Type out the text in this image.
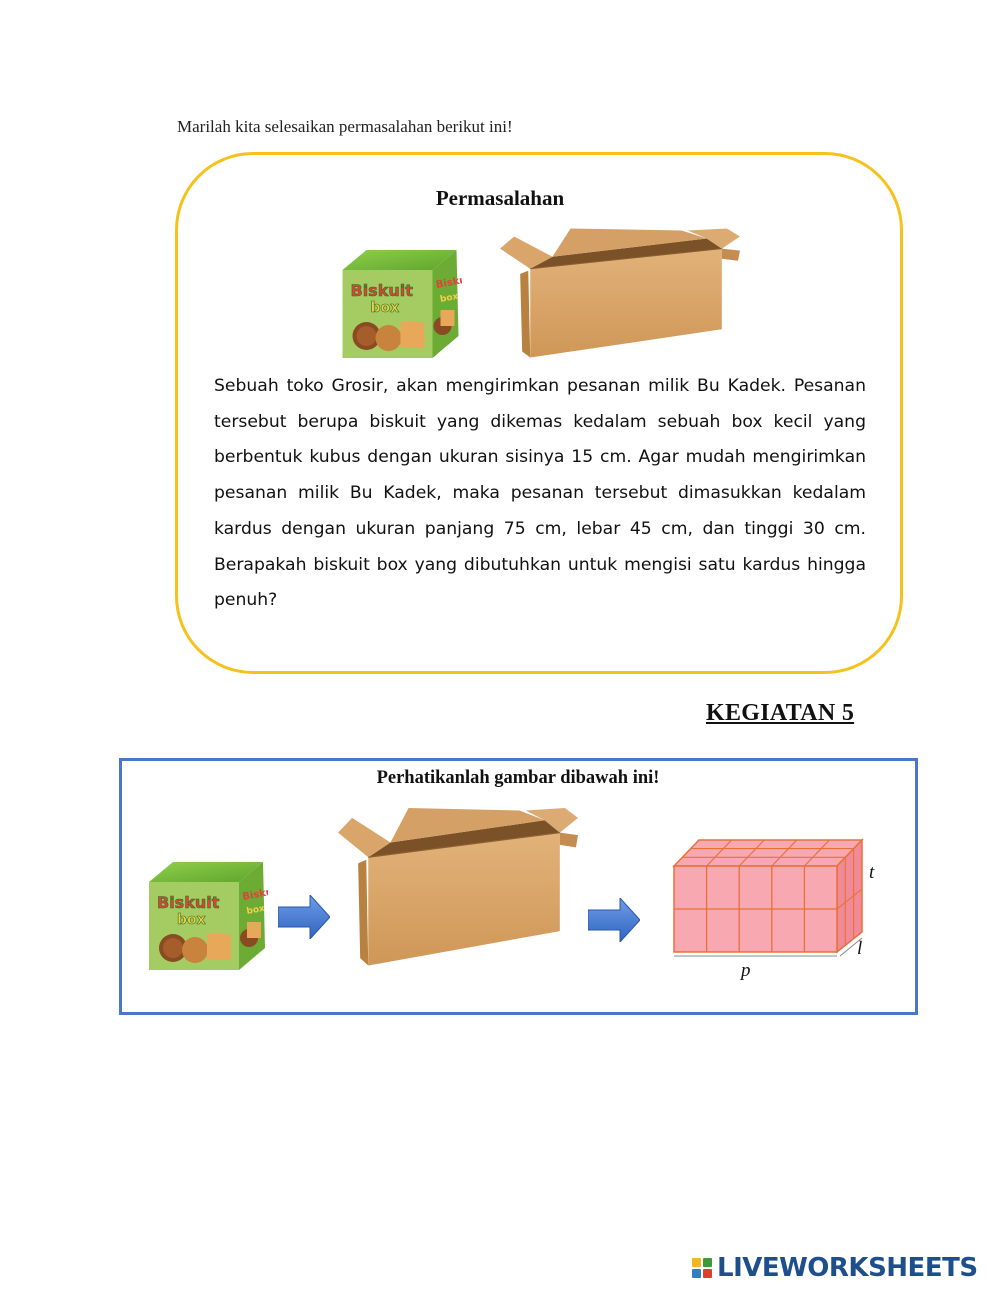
Marilah kita selesaikan permasalahan berikut ini!
Permasalahan
Sebuah toko Grosir, akan mengirimkan pesanan milik Bu Kadek. Pesanan tersebut berupa biskuit yang dikemas kedalam sebuah box kecil yang berbentuk kubus dengan ukuran sisinya 15 cm. Agar mudah mengirimkan pesanan milik Bu Kadek, maka pesanan tersebut dimasukkan kedalam kardus dengan ukuran panjang 75 cm, lebar 45 cm, dan tinggi 30 cm. Berapakah biskuit box yang dibutuhkan untuk mengisi satu kardus hingga penuh?
KEGIATAN 5
Perhatikanlah gambar dibawah ini!
t
l
p
LIVEWORKSHEETS
